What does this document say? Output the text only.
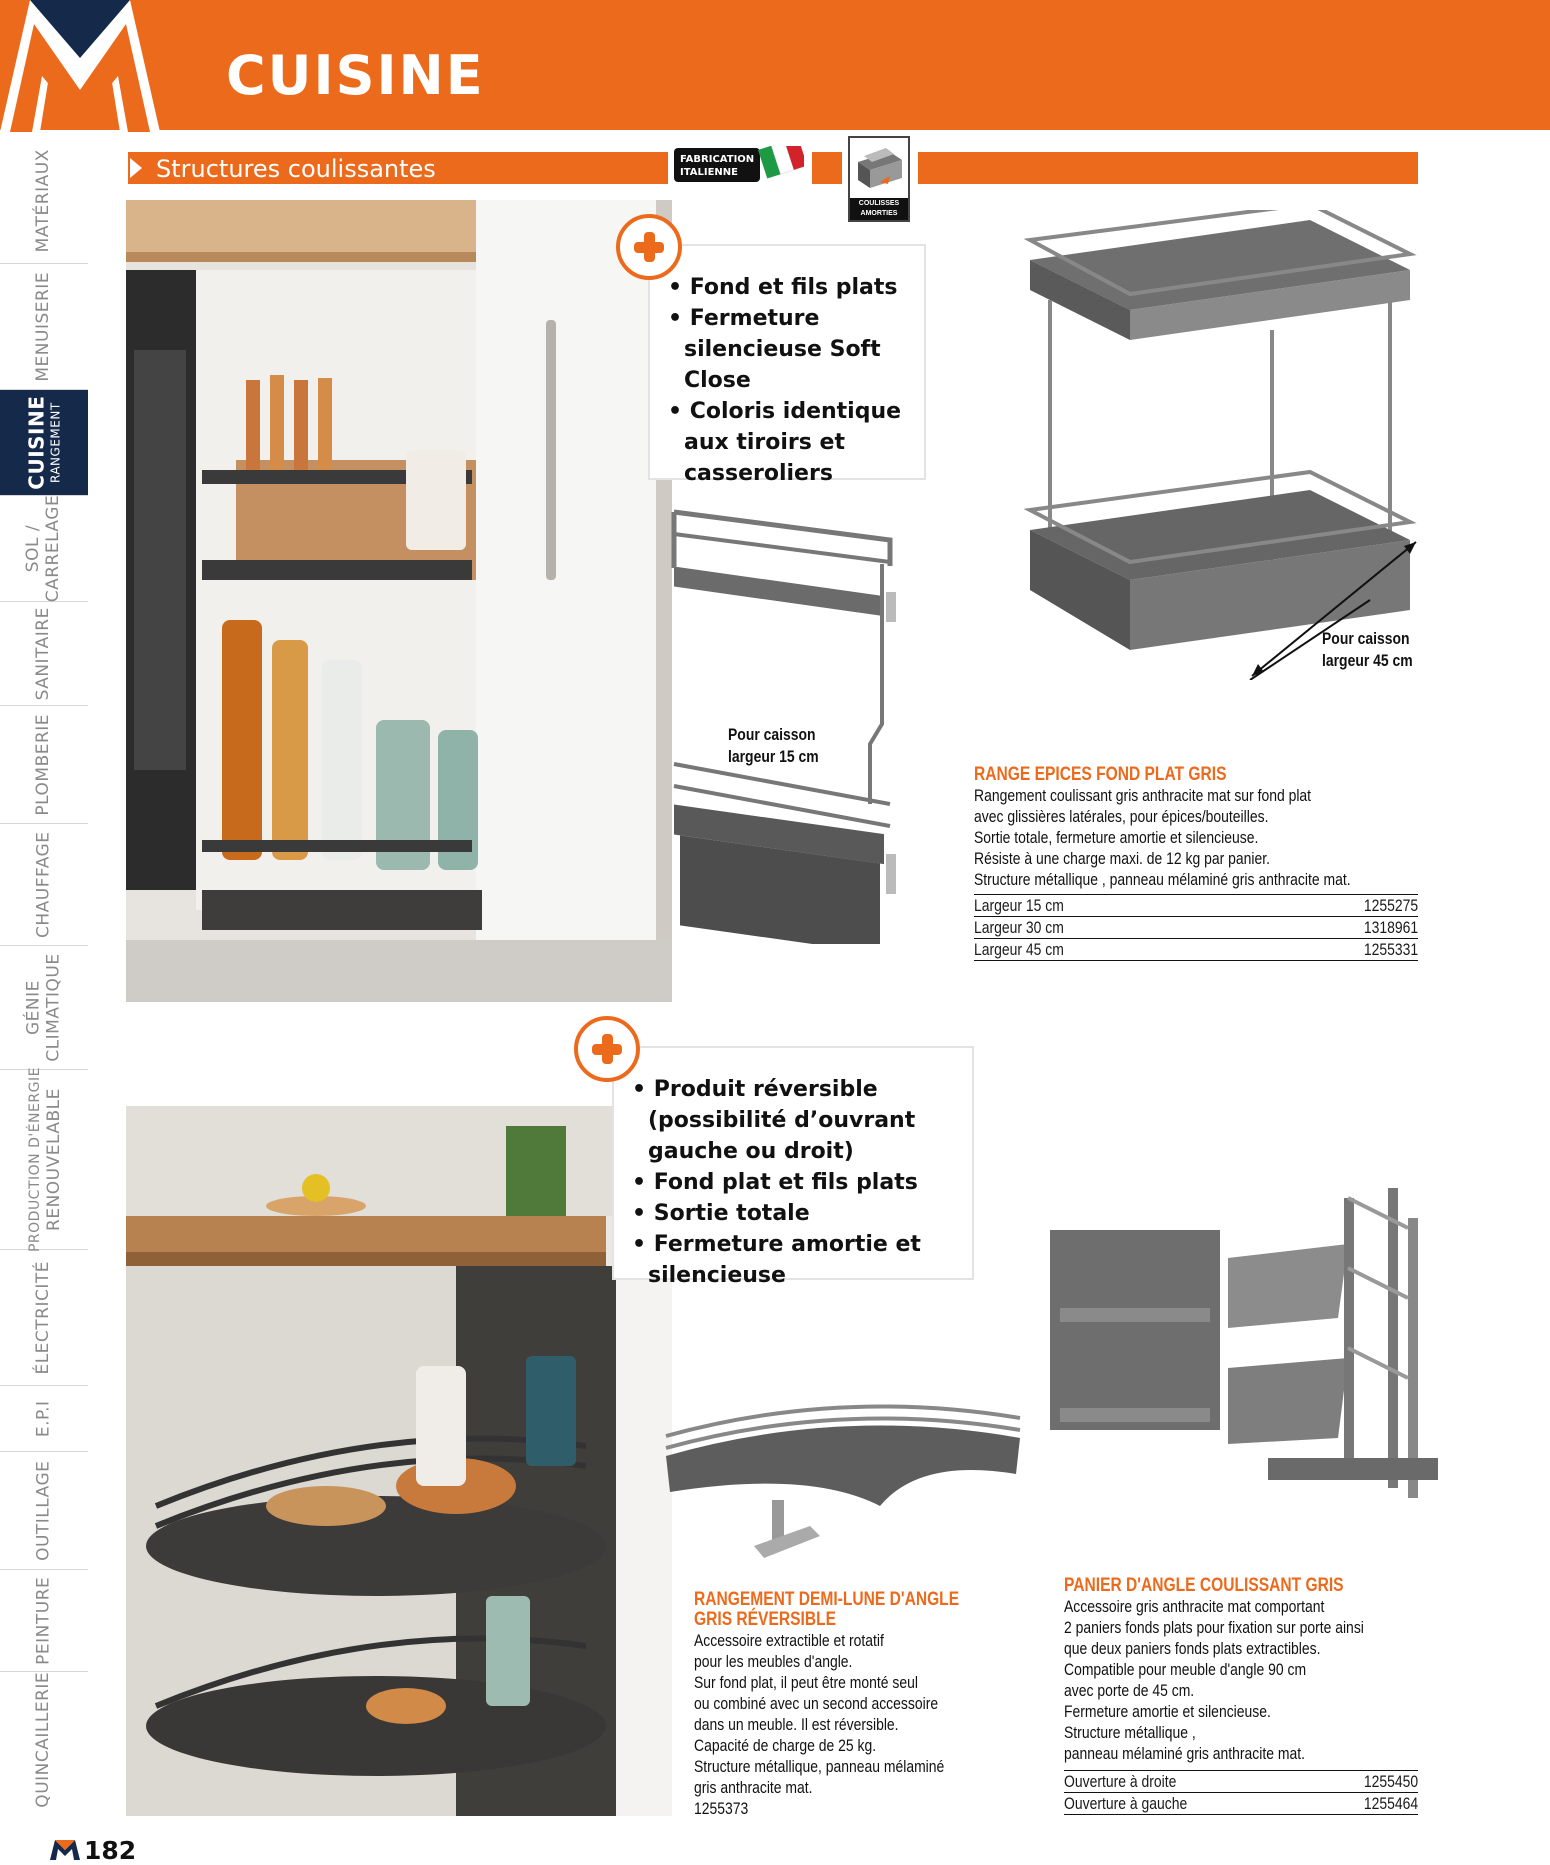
CUISINE
MATÉRIAUX
MENUISERIE
CUISINE RANGEMENT
SOL /
CARRELAGE
SANITAIRE
PLOMBERIE
CHAUFFAGE
GÉNIE
CLIMATIQUE
PRODUCTION D'ÉNERGIE
RENOUVELABLE
ÉLECTRICITÉ
E.P.I
OUTILLAGE
PEINTURE
QUINCAILLERIE
Structures coulissantes	FABRICATION
ITALIENNE
COULISSES
AMORTIES
• Fond et fils plats
• Fermeture silencieuse Soft Close
• Coloris identique aux tiroirs et casseroliers
Pour caisson
largeur 15 cm
Pour caisson
largeur 45 cm
RANGE EPICES FOND PLAT GRIS
Rangement coulissant gris anthracite mat sur fond plat
avec glissières latérales, pour épices/bouteilles.
Sortie totale, fermeture amortie et silencieuse.
Résiste à une charge maxi. de 12 kg par panier.
Structure métallique , panneau mélaminé gris anthracite mat.
Largeur 15 cm	1255275
Largeur 30 cm	1318961
Largeur 45 cm	1255331
• Produit réversible (possibilité d’ouvrant gauche ou droit)
• Fond plat et fils plats
• Sortie totale
• Fermeture amortie et silencieuse
RANGEMENT DEMI-LUNE D'ANGLE
GRIS RÉVERSIBLE
Accessoire extractible et rotatif
pour les meubles d'angle.
Sur fond plat, il peut être monté seul
ou combiné avec un second accessoire
dans un meuble. Il est réversible.
Capacité de charge de 25 kg.
Structure métallique, panneau mélaminé
gris anthracite mat.
1255373
PANIER D'ANGLE COULISSANT GRIS
Accessoire gris anthracite mat comportant
2 paniers fonds plats pour fixation sur porte ainsi
que deux paniers fonds plats extractibles.
Compatible pour meuble d'angle 90 cm
avec porte de 45 cm.
Fermeture amortie et silencieuse.
Structure métallique ,
panneau mélaminé gris anthracite mat.
Ouverture à droite	1255450
Ouverture à gauche	1255464
182
